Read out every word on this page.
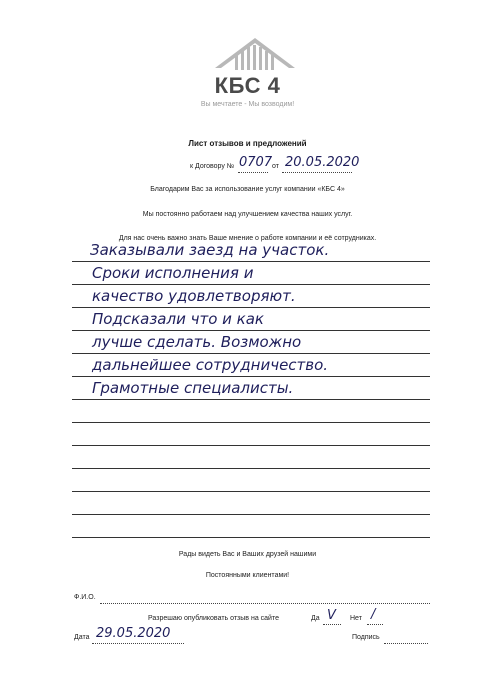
КБС 4
Вы мечтаете - Мы возводим!
Лист отзывов и предложений
к Договору № 0707 от 20.05.2020
Благодарим Вас за использование услуг компании «КБС 4»
Мы постоянно работаем над улучшением качества наших услуг.
Для нас очень важно знать Ваше мнение о работе компании и её сотрудниках.
Заказывали заезд на участок.
Сроки исполнения и
качество удовлетворяют.
Подсказали что и как
лучше сделать. Возможно
дальнейшее сотрудничество.
Грамотные специалисты.
Рады видеть Вас и Ваших друзей нашими
Постоянными клиентами!
Ф.И.О.
Разрешаю опубликовать отзыв на сайте	Да V Нет /
Дата 29.05.2020	Подпись
